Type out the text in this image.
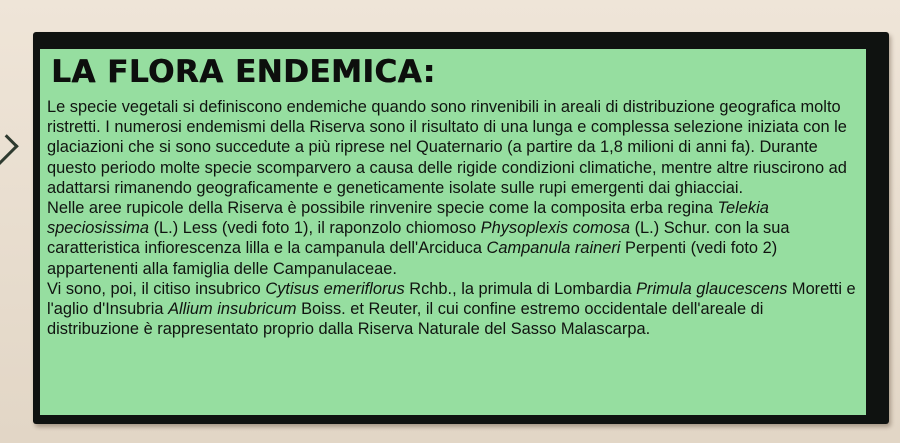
LA FLORA ENDEMICA:

Le specie vegetali si definiscono endemiche quando sono rinvenibili in areali di distribuzione geografica molto ristretti. I numerosi endemismi della Riserva sono il risultato di una lunga e complessa selezione iniziata con le glaciazioni che si sono succedute a più riprese nel Quaternario (a partire da 1,8 milioni di anni fa). Durante questo periodo molte specie scomparvero a causa delle rigide condizioni climatiche, mentre altre riuscirono ad adattarsi rimanendo geograficamente e geneticamente isolate sulle rupi emergenti dai ghiacciai.

Nelle aree rupicole della Riserva è possibile rinvenire specie come la composita erba regina Telekia speciosissima (L.) Less (vedi foto 1), il raponzolo chiomoso Physoplexis comosa (L.) Schur. con la sua caratteristica infiorescenza lilla e la campanula dell'Arciduca Campanula raineri Perpenti (vedi foto 2) appartenenti alla famiglia delle Campanulaceae.

Vi sono, poi, il citiso insubrico Cytisus emeriflorus Rchb., la primula di Lombardia Primula glaucescens Moretti e l'aglio d'Insubria Allium insubricum Boiss. et Reuter, il cui confine estremo occidentale dell'areale di distribuzione è rappresentato proprio dalla Riserva Naturale del Sasso Malascarpa.
